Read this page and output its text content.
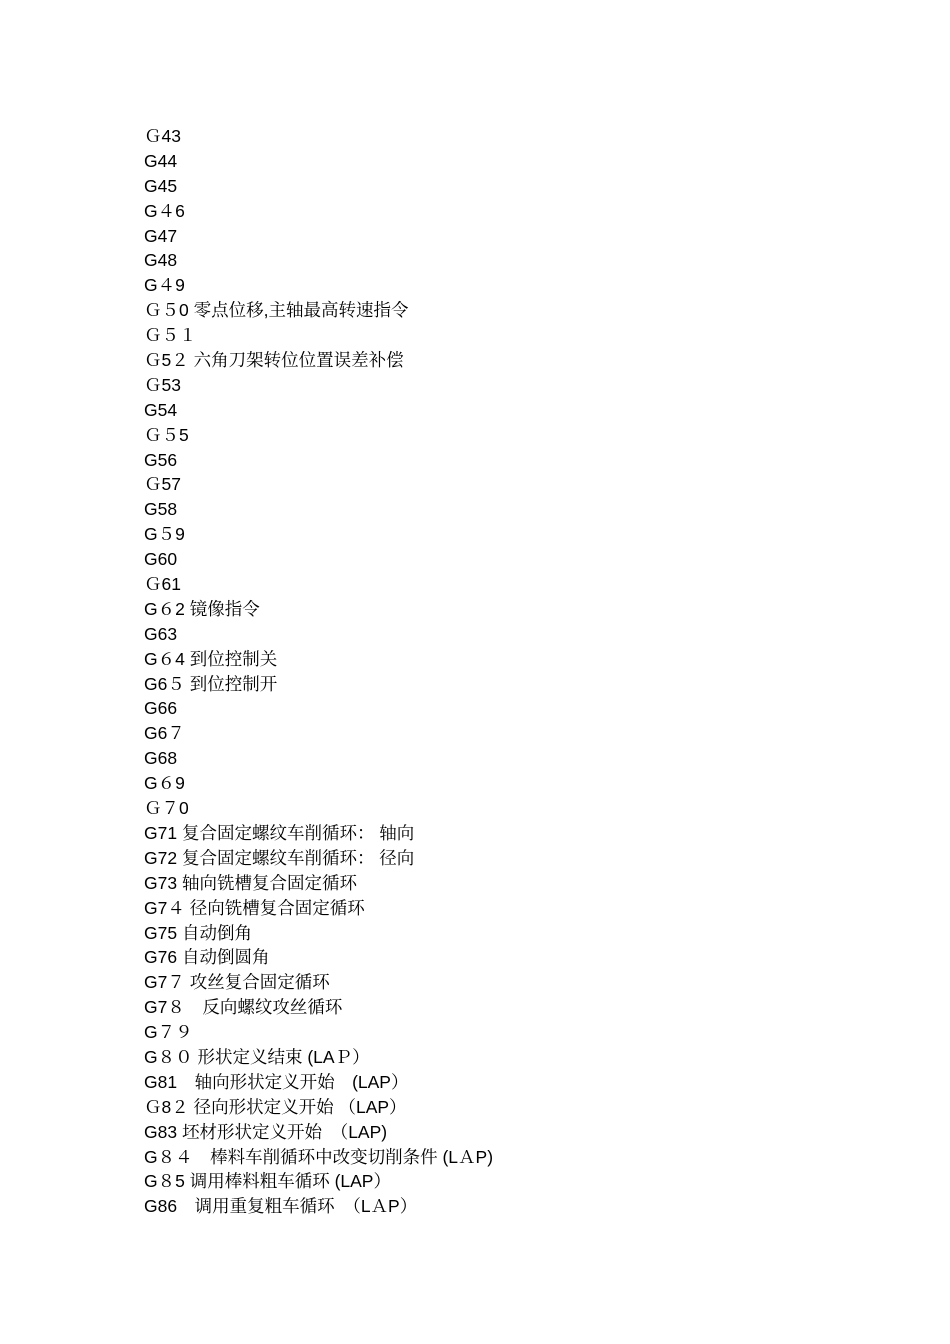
Ｇ43
G44
G45
G４6
G47
G48
G４9
Ｇ５0 零点位移,主轴最高转速指令
Ｇ５１
Ｇ5２ 六角刀架转位位置误差补偿
Ｇ53
G54
Ｇ５5
G56
Ｇ57
G58
G５9
G60
Ｇ61
G６2 镜像指令
G63
G６4 到位控制关
G6５ 到位控制开
G66
G6７
G68
G６9
Ｇ７0
G71 复合固定螺纹车削循环： 轴向
G72 复合固定螺纹车削循环： 径向
G73 轴向铣槽复合固定循环
G7４ 径向铣槽复合固定循环
G75 自动倒角
G76 自动倒圆角
G7７ 攻丝复合固定循环
G7８　反向螺纹攻丝循环
G７９
G８０ 形状定义结束 (LAＰ）
G81　轴向形状定义开始　(LAP）
Ｇ8２ 径向形状定义开始 （LAP）
G83 坯材形状定义开始　（LAP)
G８４　棒料车削循环中改变切削条件 (LＡP)
G８5 调用棒料粗车循环 (LAP）
G86　调用重复粗车循环　（LＡP）
